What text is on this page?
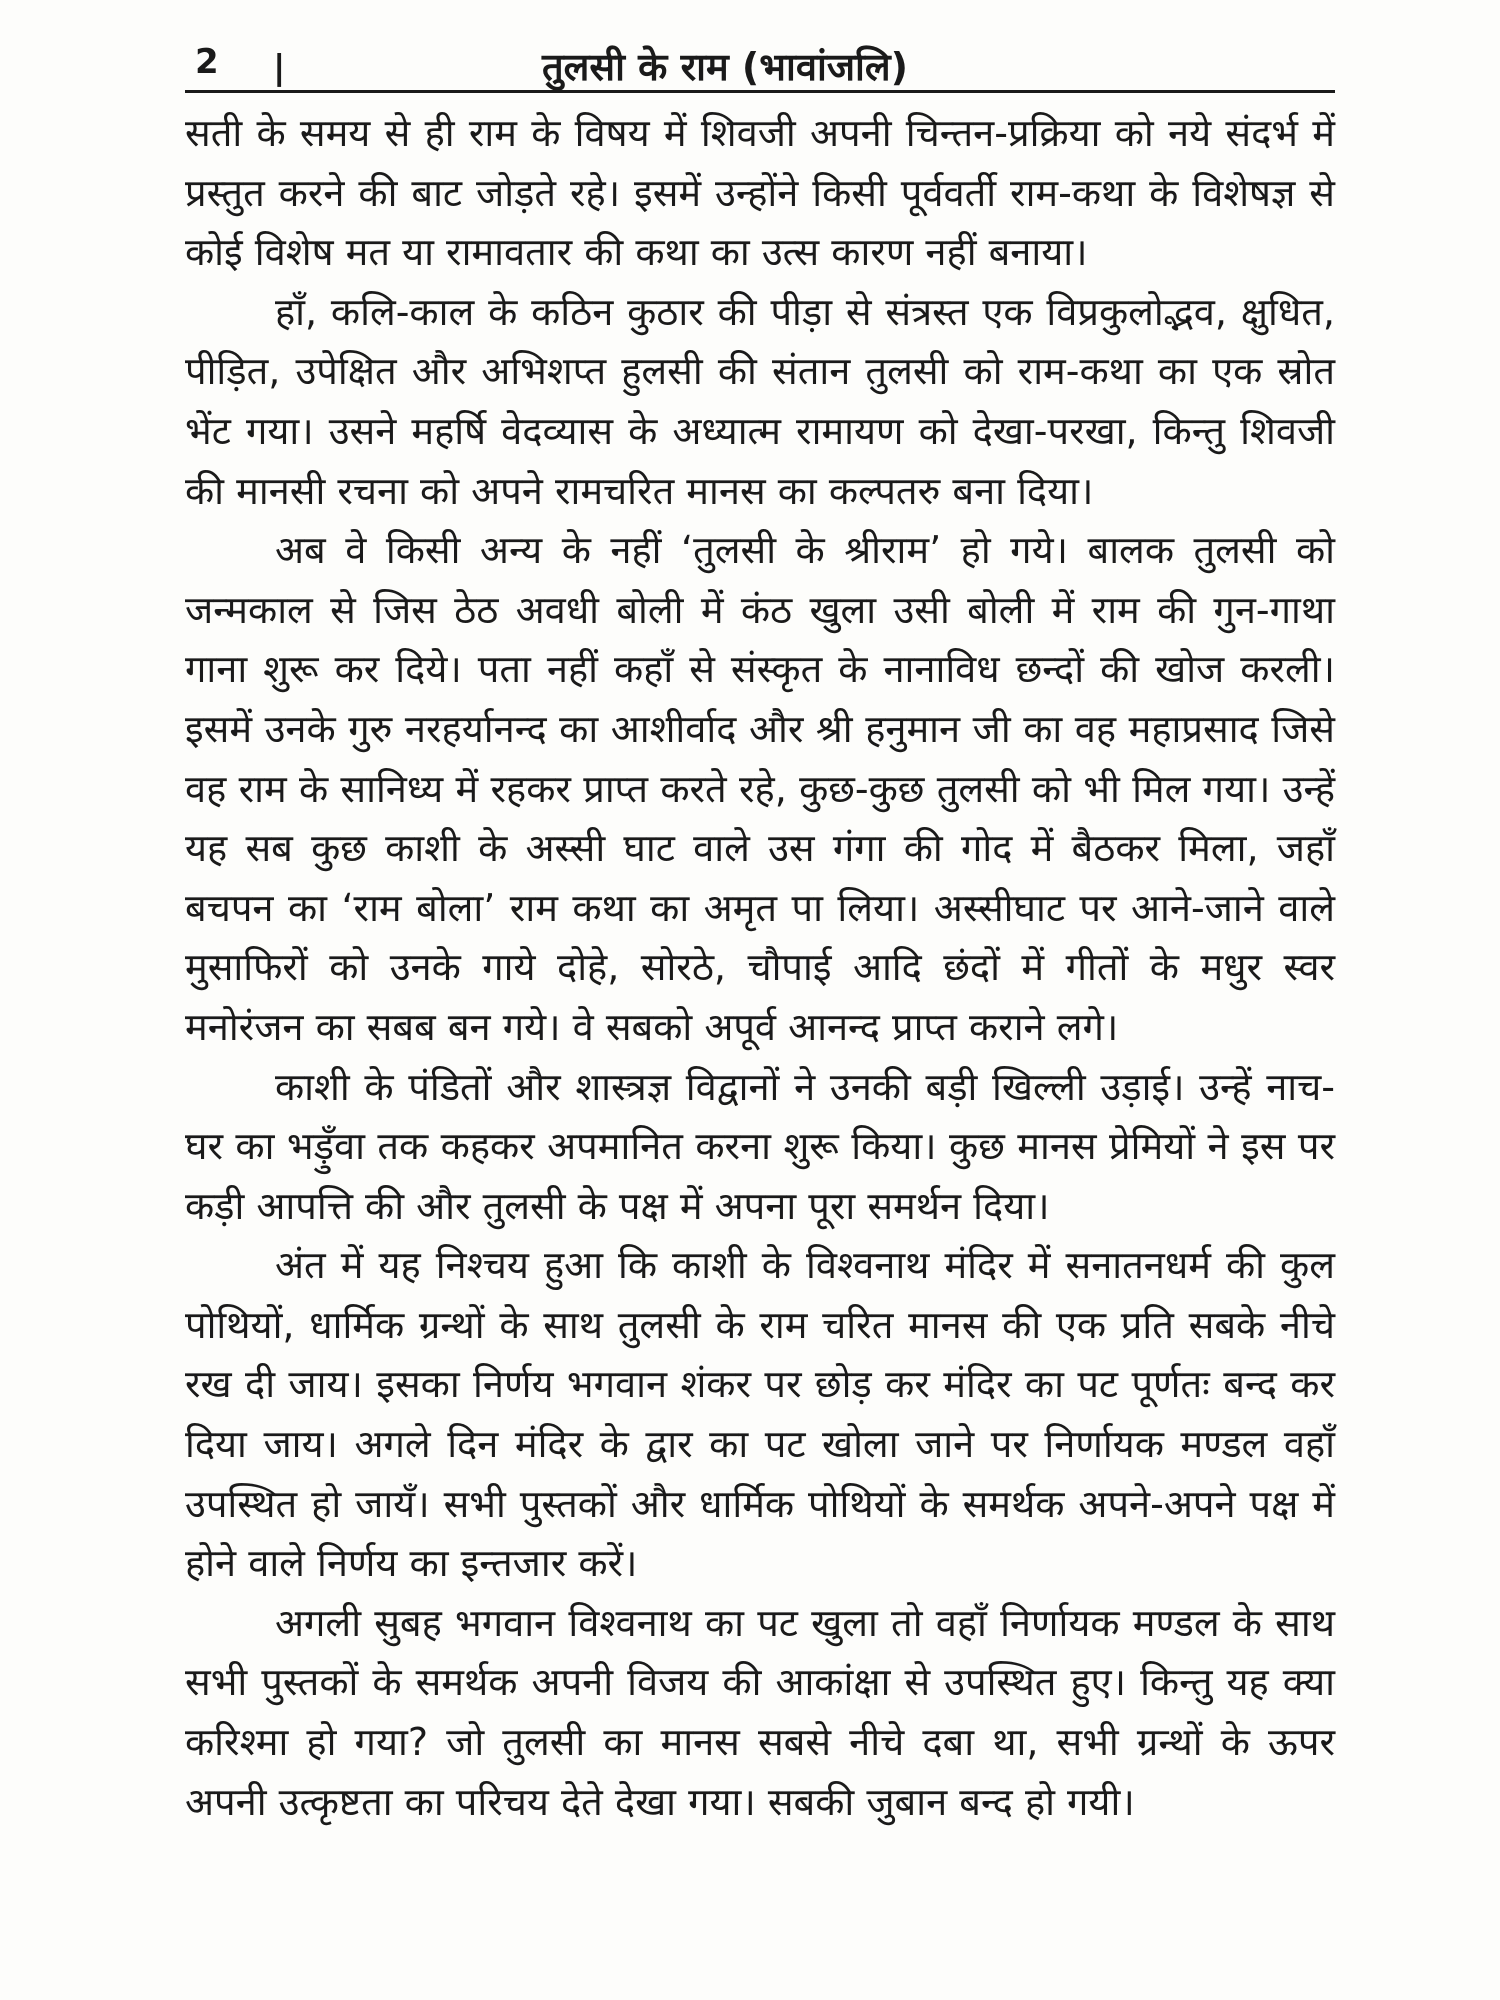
2 |	तुलसी के राम (भावांजलि)

सती के समय से ही राम के विषय में शिवजी अपनी चिन्तन-प्रक्रिया को नये संदर्भ में प्रस्तुत करने की बाट जोड़ते रहे। इसमें उन्होंने किसी पूर्ववर्ती राम-कथा के विशेषज्ञ से कोई विशेष मत या रामावतार की कथा का उत्स कारण नहीं बनाया।

हाँ, कलि-काल के कठिन कुठार की पीड़ा से संत्रस्त एक विप्रकुलोद्भव, क्षुधित, पीड़ित, उपेक्षित और अभिशप्त हुलसी की संतान तुलसी को राम-कथा का एक स्रोत भेंट गया। उसने महर्षि वेदव्यास के अध्यात्म रामायण को देखा-परखा, किन्तु शिवजी की मानसी रचना को अपने रामचरित मानस का कल्पतरु बना दिया।

अब वे किसी अन्य के नहीं ‘तुलसी के श्रीराम’ हो गये। बालक तुलसी को जन्मकाल से जिस ठेठ अवधी बोली में कंठ खुला उसी बोली में राम की गुन-गाथा गाना शुरू कर दिये। पता नहीं कहाँ से संस्कृत के नानाविध छन्दों की खोज करली। इसमें उनके गुरु नरहर्यानन्द का आशीर्वाद और श्री हनुमान जी का वह महाप्रसाद जिसे वह राम के सानिध्य में रहकर प्राप्त करते रहे, कुछ-कुछ तुलसी को भी मिल गया। उन्हें यह सब कुछ काशी के अस्सी घाट वाले उस गंगा की गोद में बैठकर मिला, जहाँ बचपन का ‘राम बोला’ राम कथा का अमृत पा लिया। अस्सीघाट पर आने-जाने वाले मुसाफिरों को उनके गाये दोहे, सोरठे, चौपाई आदि छंदों में गीतों के मधुर स्वर मनोरंजन का सबब बन गये। वे सबको अपूर्व आनन्द प्राप्त कराने लगे।

काशी के पंडितों और शास्त्रज्ञ विद्वानों ने उनकी बड़ी खिल्ली उड़ाई। उन्हें नाच-घर का भड़ुँवा तक कहकर अपमानित करना शुरू किया। कुछ मानस प्रेमियों ने इस पर कड़ी आपत्ति की और तुलसी के पक्ष में अपना पूरा समर्थन दिया।

अंत में यह निश्चय हुआ कि काशी के विश्वनाथ मंदिर में सनातनधर्म की कुल पोथियों, धार्मिक ग्रन्थों के साथ तुलसी के राम चरित मानस की एक प्रति सबके नीचे रख दी जाय। इसका निर्णय भगवान शंकर पर छोड़ कर मंदिर का पट पूर्णतः बन्द कर दिया जाय। अगले दिन मंदिर के द्वार का पट खोला जाने पर निर्णायक मण्डल वहाँ उपस्थित हो जायँ। सभी पुस्तकों और धार्मिक पोथियों के समर्थक अपने-अपने पक्ष में होने वाले निर्णय का इन्तजार करें।

अगली सुबह भगवान विश्वनाथ का पट खुला तो वहाँ निर्णायक मण्डल के साथ सभी पुस्तकों के समर्थक अपनी विजय की आकांक्षा से उपस्थित हुए। किन्तु यह क्या करिश्मा हो गया? जो तुलसी का मानस सबसे नीचे दबा था, सभी ग्रन्थों के ऊपर अपनी उत्कृष्टता का परिचय देते देखा गया। सबकी जुबान बन्द हो गयी।
